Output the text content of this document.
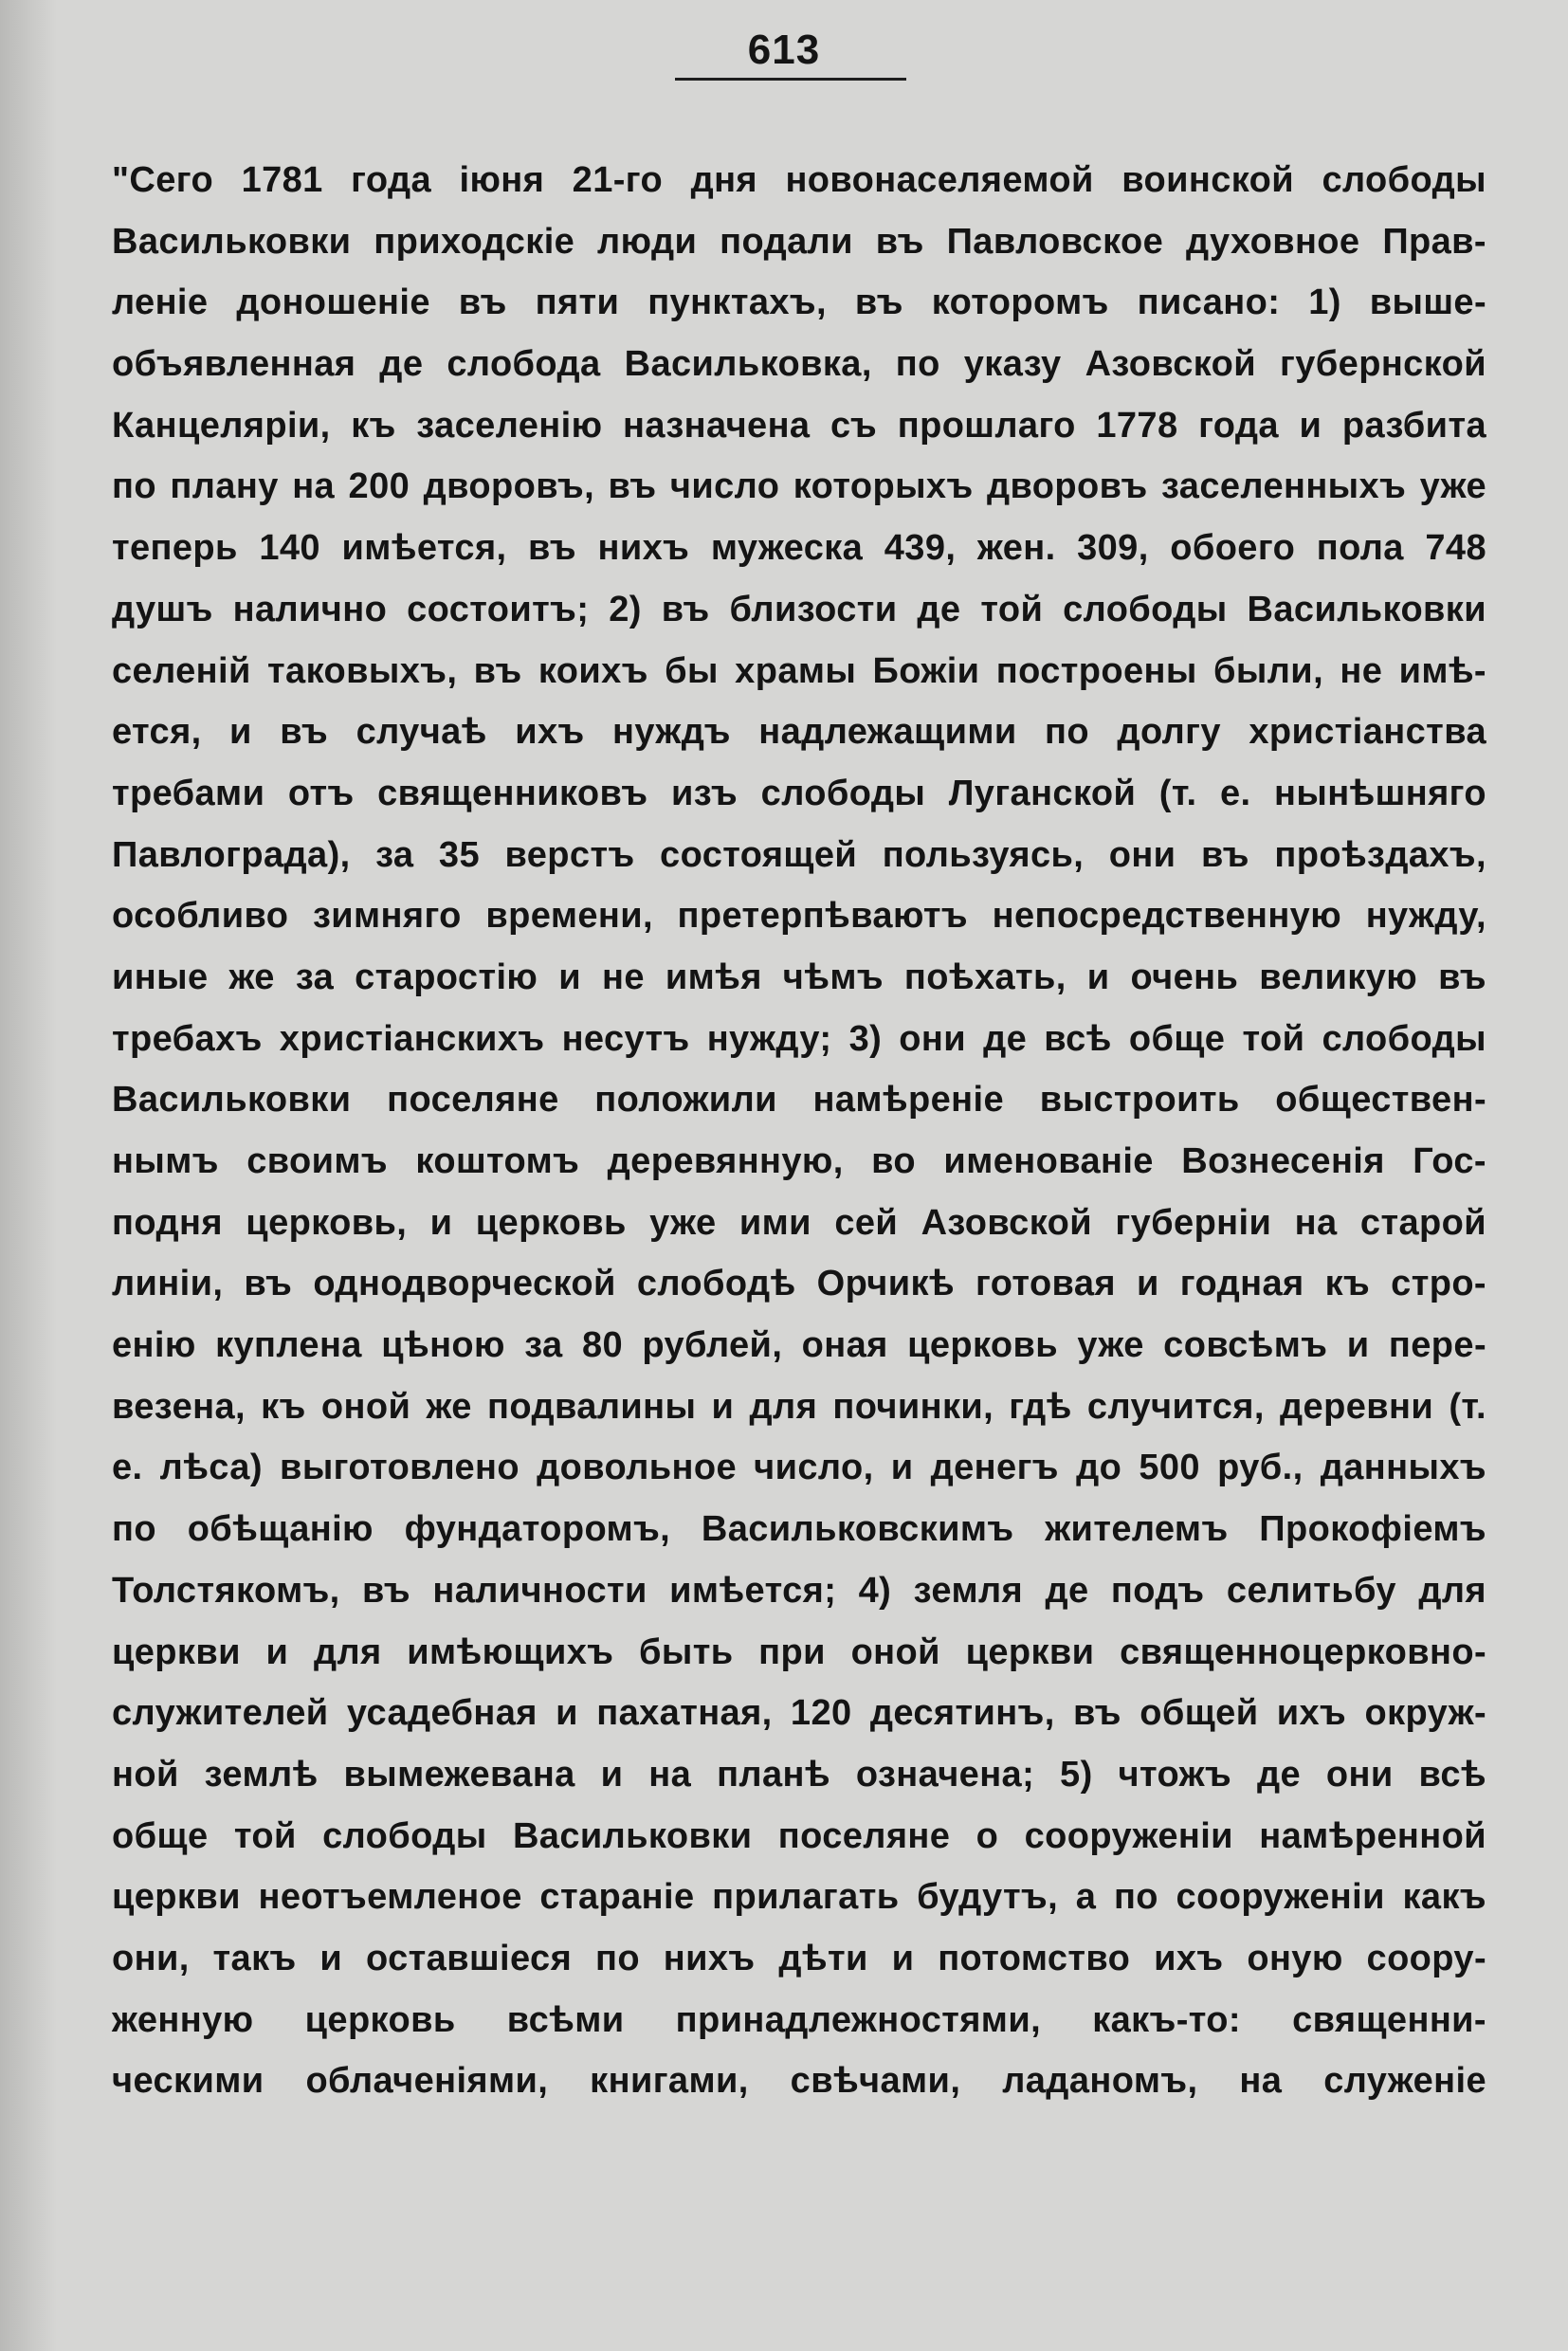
613
"Сего 1781 года іюня 21-го дня новонаселяемой воинской слободы
Васильковки приходскіе люди подали въ Павловское духовное Прав-
леніе доношеніе въ пяти пунктахъ, въ которомъ писано: 1) выше-
объявленная де слобода Васильковка, по указу Азовской губернской
Канцеляріи, къ заселенію назначена съ прошлаго 1778 года и разбита
по плану на 200 дворовъ, въ число которыхъ дворовъ заселенныхъ уже
теперь 140 имѣется, въ нихъ мужеска 439, жен. 309, обоего пола 748
душъ налично состоитъ; 2) въ близости де той слободы Васильковки
селеній таковыхъ, въ коихъ бы храмы Божіи построены были, не имѣ-
ется, и въ случаѣ ихъ нуждъ надлежащими по долгу христіанства
требами отъ священниковъ изъ слободы Луганской (т. е. нынѣшняго
Павлограда), за 35 верстъ состоящей пользуясь, они въ проѣздахъ,
особливо зимняго времени, претерпѣваютъ непосредственную нужду,
иные же за старостію и не имѣя чѣмъ поѣхать, и очень великую въ
требахъ христіанскихъ несутъ нужду; 3) они де всѣ обще той слободы
Васильковки поселяне положили намѣреніе выстроить обществен-
нымъ своимъ коштомъ деревянную, во именованіе Вознесенія Гос-
подня церковь, и церковь уже ими сей Азовской губерніи на старой
линіи, въ однодворческой слободѣ Орчикѣ готовая и годная къ стро-
енію куплена цѣною за 80 рублей, оная церковь уже совсѣмъ и пере-
везена, къ оной же подвалины и для починки, гдѣ случится, деревни (т.
е. лѣса) выготовлено довольное число, и денегъ до 500 руб., данныхъ
по обѣщанію фундаторомъ, Васильковскимъ жителемъ Прокофіемъ
Толстякомъ, въ наличности имѣется; 4) земля де подъ селитьбу для
церкви и для имѣющихъ быть при оной церкви священноцерковно-
служителей усадебная и пахатная, 120 десятинъ, въ общей ихъ окруж-
ной землѣ вымежевана и на планѣ означена; 5) чтожъ де они всѣ
обще той слободы Васильковки поселяне о сооруженіи намѣренной
церкви неотъемленое стараніе прилагать будутъ, а по сооруженіи какъ
они, такъ и оставшіеся по нихъ дѣти и потомство ихъ оную соору-
женную церковь всѣми принадлежностями, какъ-то: священни-
ческими облаченіями, книгами, свѣчами, ладаномъ, на служеніе
